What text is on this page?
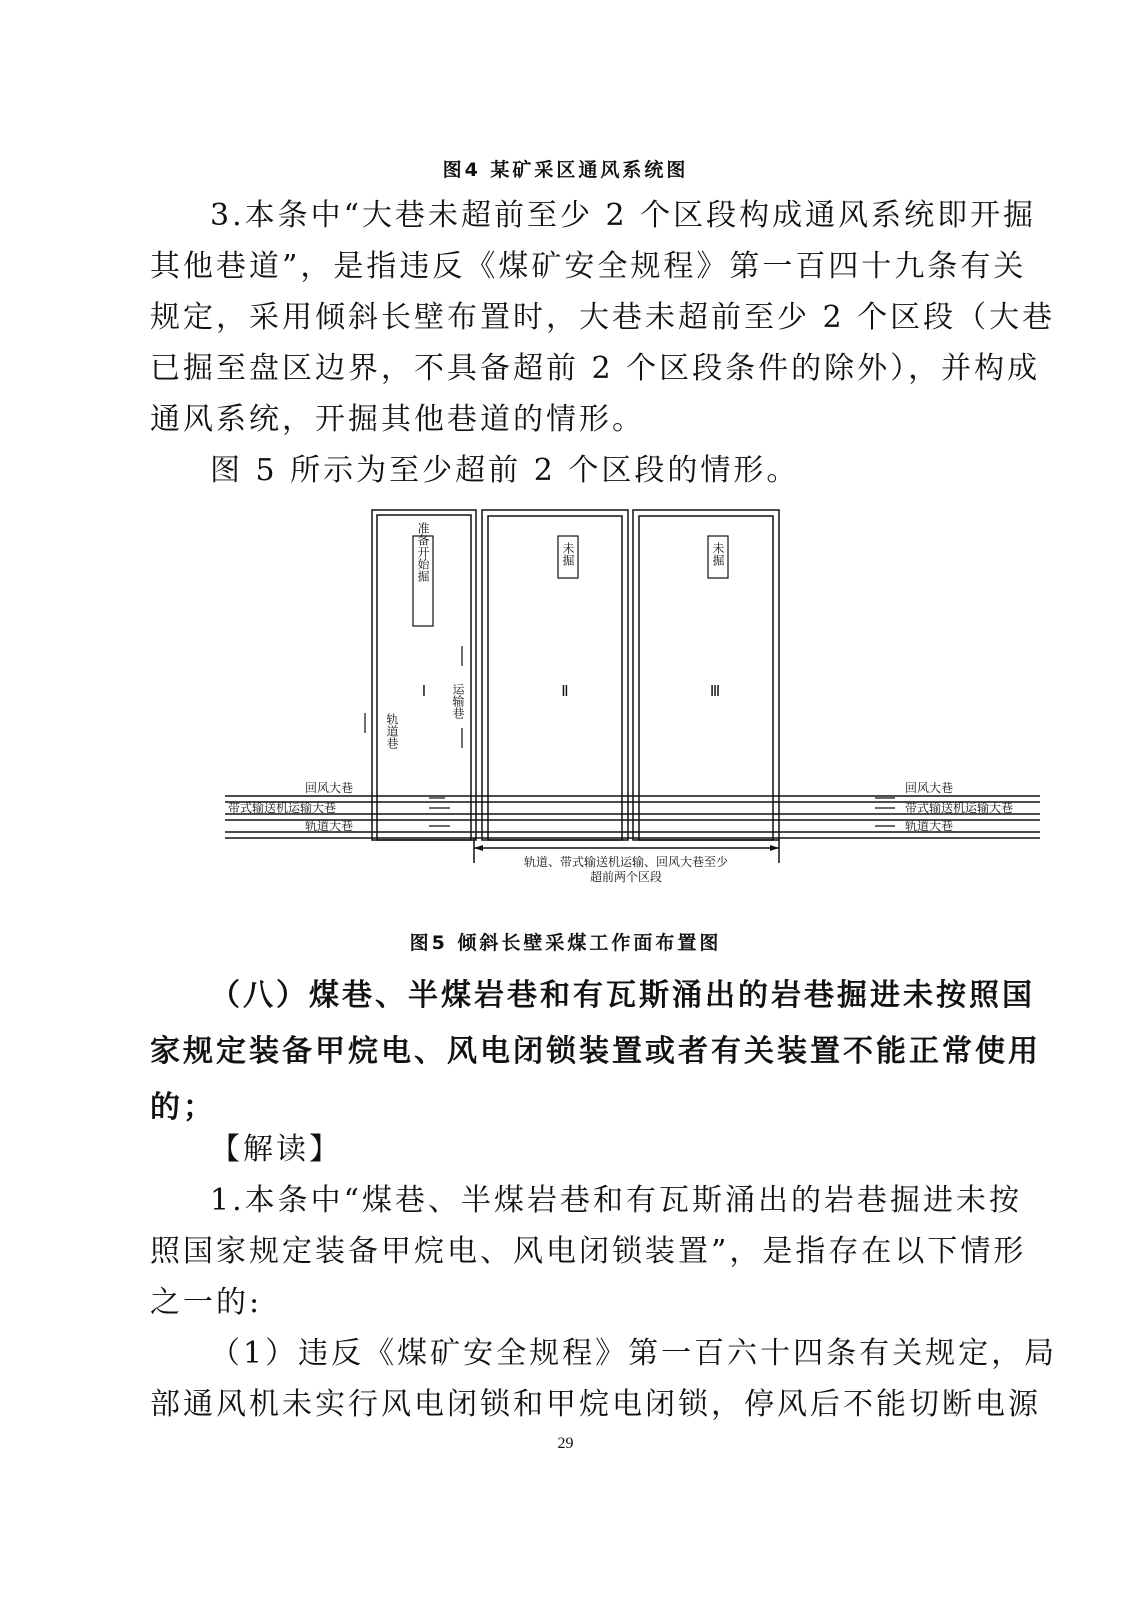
图4 某矿采区通风系统图
3.本条中“大巷未超前至少 2 个区段构成通风系统即开掘
其他巷道”，是指违反《煤矿安全规程》第一百四十九条有关
规定，采用倾斜长壁布置时，大巷未超前至少 2 个区段（大巷
已掘至盘区边界，不具备超前 2 个区段条件的除外），并构成
通风系统，开掘其他巷道的情形。
图 5 所示为至少超前 2 个区段的情形。
准备开始掘	未掘	未掘
Ⅰ	Ⅱ	Ⅲ
运输巷
轨道巷
回风大巷
带式输送机运输大巷
轨道大巷
回风大巷
带式输送机运输大巷
轨道大巷
轨道、带式输送机运输、回风大巷至少
超前两个区段
图5 倾斜长壁采煤工作面布置图
（八）煤巷、半煤岩巷和有瓦斯涌出的岩巷掘进未按照国
家规定装备甲烷电、风电闭锁装置或者有关装置不能正常使用
的；
【解读】
1.本条中“煤巷、半煤岩巷和有瓦斯涌出的岩巷掘进未按
照国家规定装备甲烷电、风电闭锁装置”，是指存在以下情形
之一的:
（1）违反《煤矿安全规程》第一百六十四条有关规定，局
部通风机未实行风电闭锁和甲烷电闭锁，停风后不能切断电源
29
